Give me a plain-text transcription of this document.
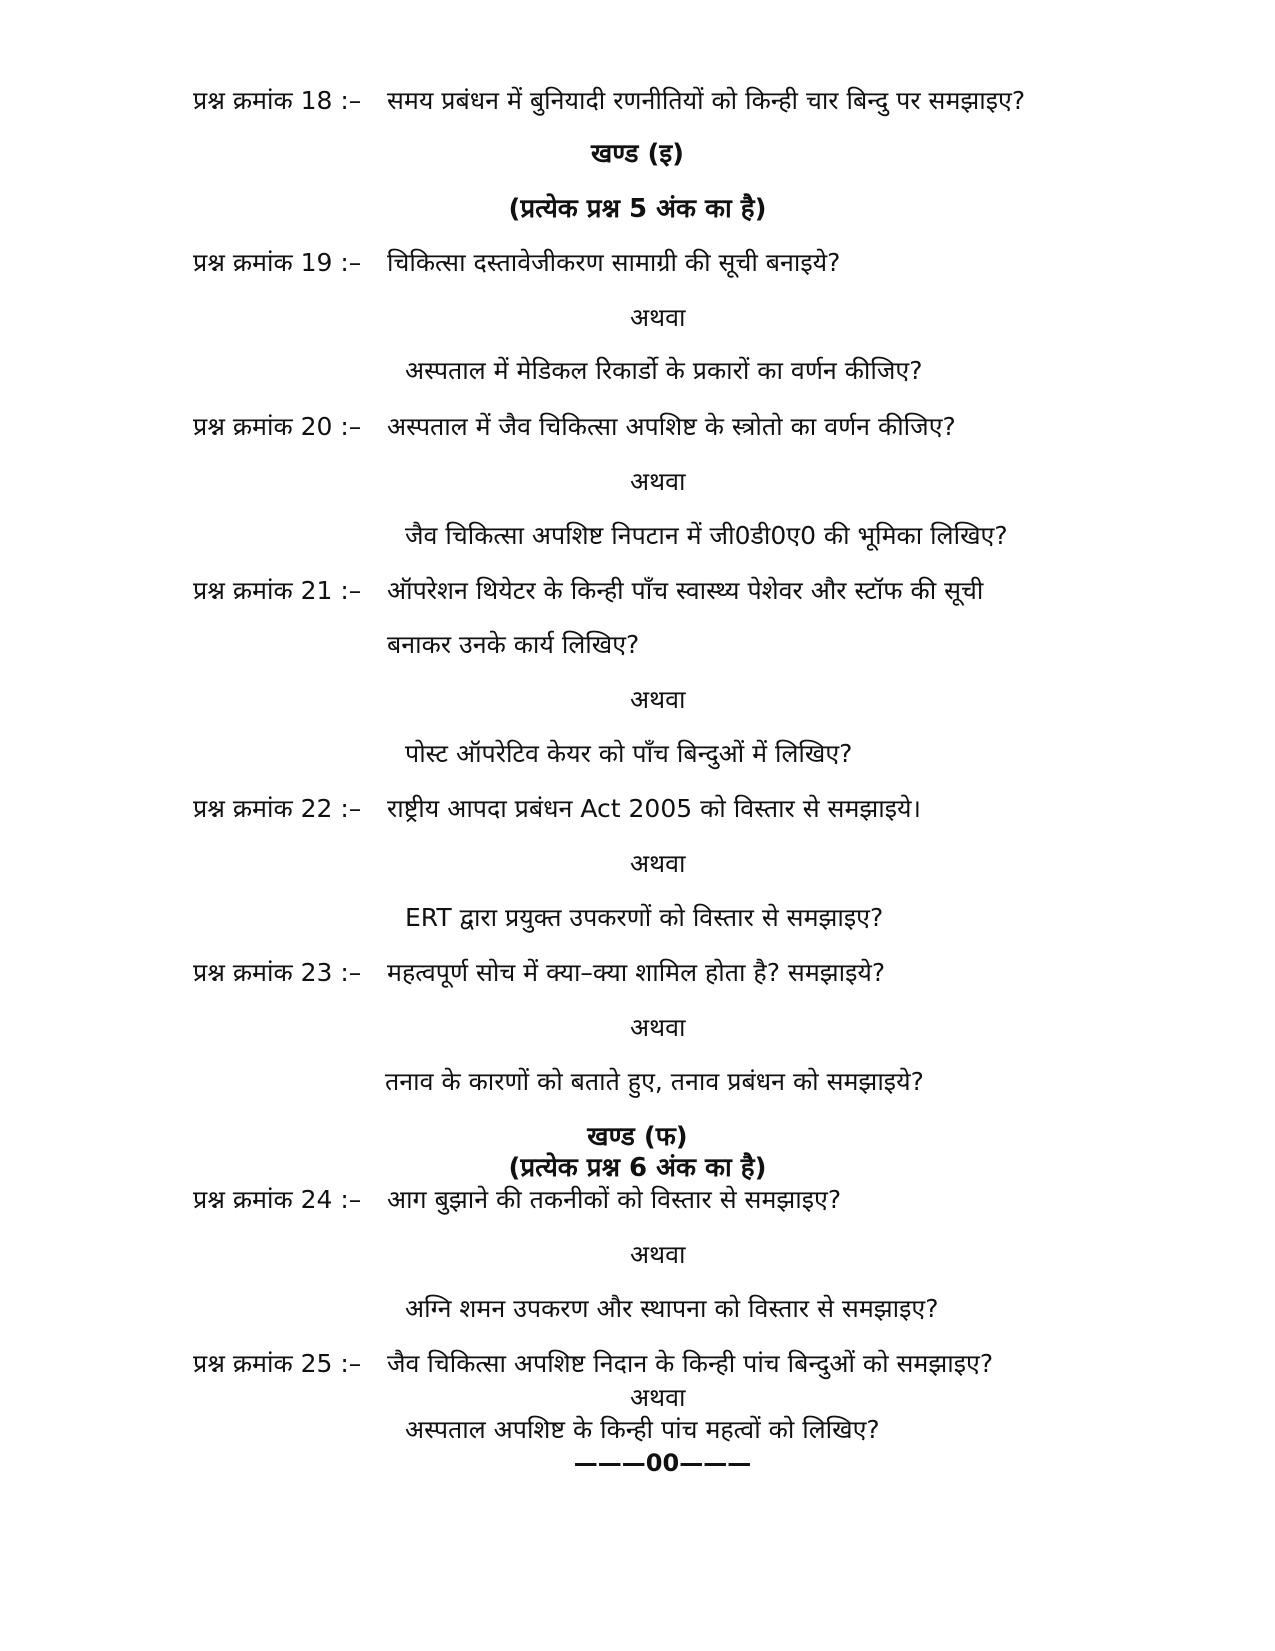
प्रश्न क्रमांक 18 :– समय प्रबंधन में बुनियादी रणनीतियों को किन्ही चार बिन्दु पर समझाइए?
खण्ड (इ)
(प्रत्येक प्रश्न 5 अंक का है)
प्रश्न क्रमांक 19 :– चिकित्सा दस्तावेजीकरण सामाग्री की सूची बनाइये?
अथवा
अस्पताल में मेडिकल रिकार्डो के प्रकारों का वर्णन कीजिए?
प्रश्न क्रमांक 20 :– अस्पताल में जैव चिकित्सा अपशिष्ट के स्त्रोतो का वर्णन कीजिए?
अथवा
जैव चिकित्सा अपशिष्ट निपटान में जी0डी0ए0 की भूमिका लिखिए?
प्रश्न क्रमांक 21 :– ऑपरेशन थियेटर के किन्ही पाँच स्वास्थ्य पेशेवर और स्टॉफ की सूची
बनाकर उनके कार्य लिखिए?
अथवा
पोस्ट ऑपरेटिव केयर को पाँच बिन्दुओं में लिखिए?
प्रश्न क्रमांक 22 :– राष्ट्रीय आपदा प्रबंधन Act 2005 को विस्तार से समझाइये।
अथवा
ERT द्वारा प्रयुक्त उपकरणों को विस्तार से समझाइए?
प्रश्न क्रमांक 23 :– महत्वपूर्ण सोच में क्या–क्या शामिल होता है? समझाइये?
अथवा
तनाव के कारणों को बताते हुए, तनाव प्रबंधन को समझाइये?
खण्ड (फ)
(प्रत्येक प्रश्न 6 अंक का है)
प्रश्न क्रमांक 24 :– आग बुझाने की तकनीकों को विस्तार से समझाइए?
अथवा
अग्नि शमन उपकरण और स्थापना को विस्तार से समझाइए?
प्रश्न क्रमांक 25 :– जैव चिकित्सा अपशिष्ट निदान के किन्ही पांच बिन्दुओं को समझाइए?
अथवा
अस्पताल अपशिष्ट के किन्ही पांच महत्वों को लिखिए?
———00———
